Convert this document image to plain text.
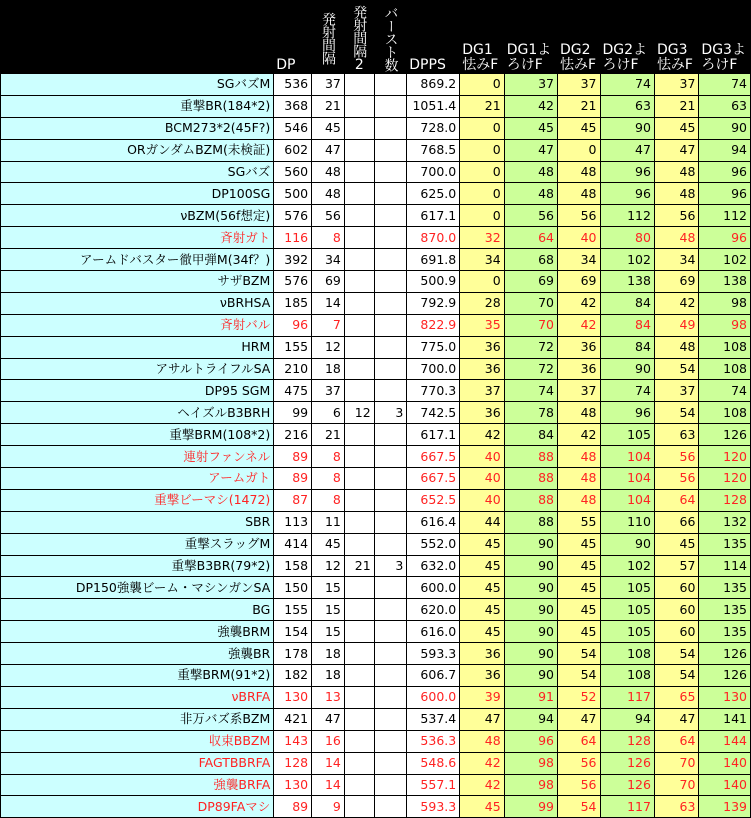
	DP	発射間隔	発射間隔2	バースト数	DPPS	DG1怯みF	DG1よろけF	DG2怯みF	DG2よろけF	DG3怯みF	DG3よろけF

SGバズM	536	37			869.2	0	37	37	74	37	74
重撃BR(184*2)	368	21			1051.4	21	42	21	63	21	63
BCM273*2(45F?)	546	45			728.0	0	45	45	90	45	90
ORガンダムBZM(未検証)	602	47			768.5	0	47	0	47	47	94
SGバズ	560	48			700.0	0	48	48	96	48	96
DP100SG	500	48			625.0	0	48	48	96	48	96
νBZM(56f想定)	576	56			617.1	0	56	56	112	56	112
斉射ガト	116	8			870.0	32	64	40	80	48	96
アームドバスター徹甲弾M(34f？)	392	34			691.8	34	68	34	102	34	102
サザBZM	576	69			500.9	0	69	69	138	69	138
νBRHSA	185	14			792.9	28	70	42	84	42	98
斉射バル	96	7			822.9	35	70	42	84	49	98
HRM	155	12			775.0	36	72	36	84	48	108
アサルトライフルSA	210	18			700.0	36	72	36	90	54	108
DP95 SGM	475	37			770.3	37	74	37	74	37	74
ヘイズルB3BRH	99	6	12	3	742.5	36	78	48	96	54	108
重撃BRM(108*2)	216	21			617.1	42	84	42	105	63	126
連射ファンネル	89	8			667.5	40	88	48	104	56	120
アームガト	89	8			667.5	40	88	48	104	56	120
重撃ビーマシ(1472)	87	8			652.5	40	88	48	104	64	128
SBR	113	11			616.4	44	88	55	110	66	132
重撃スラッグM	414	45			552.0	45	90	45	90	45	135
重撃B3BR(79*2)	158	12	21	3	632.0	45	90	45	102	57	114
DP150強襲ビーム・マシンガンSA	150	15			600.0	45	90	45	105	60	135
BG	155	15			620.0	45	90	45	105	60	135
強襲BRM	154	15			616.0	45	90	45	105	60	135
強襲BR	178	18			593.3	36	90	54	108	54	126
重撃BRM(91*2)	182	18			606.7	36	90	54	108	54	126
νBRFA	130	13			600.0	39	91	52	117	65	130
非万バズ系BZM	421	47			537.4	47	94	47	94	47	141
収束BBZM	143	16			536.3	48	96	64	128	64	144
FAGTBBRFA	128	14			548.6	42	98	56	126	70	140
強襲BRFA	130	14			557.1	42	98	56	126	70	140
DP89FAマシ	89	9			593.3	45	99	54	117	63	139
